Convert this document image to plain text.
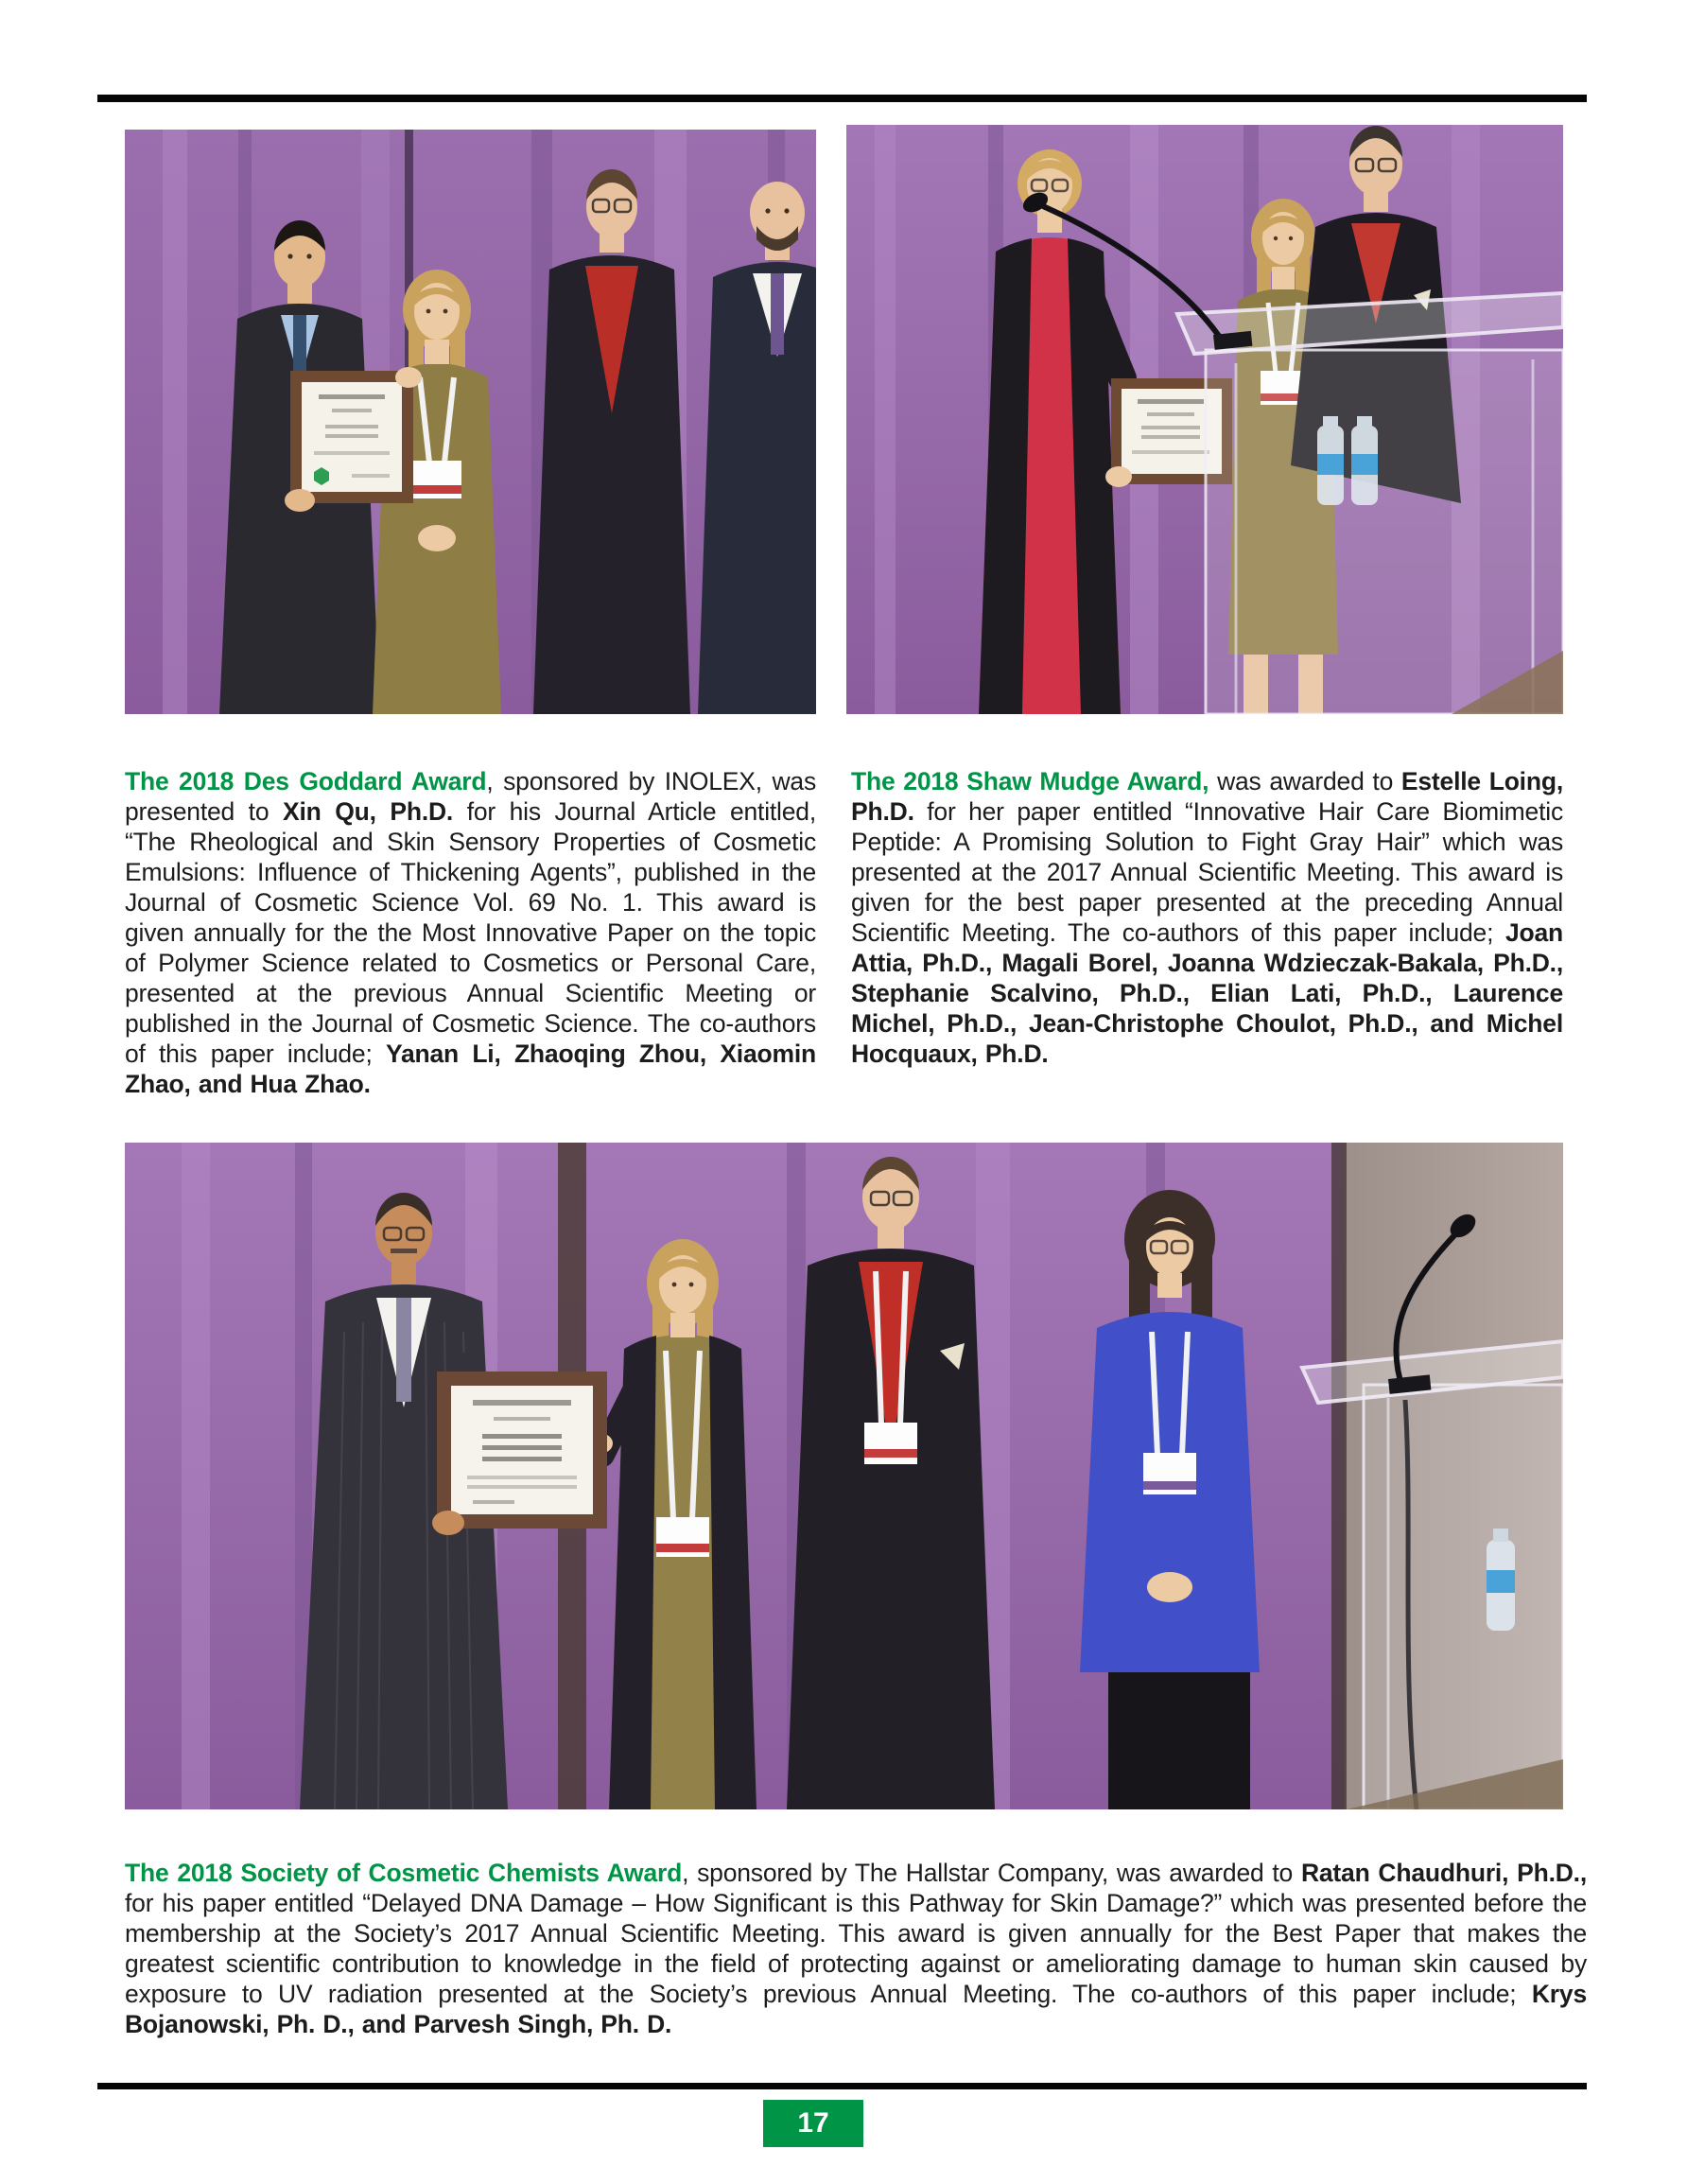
The 2018 Des Goddard Award, sponsored by INOLEX, was presented to Xin Qu, Ph.D. for his Journal Article entitled, “The Rheological and Skin Sensory Properties of Cosmetic Emulsions: Influence of Thickening Agents”, published in the Journal of Cosmetic Science Vol. 69 No. 1. This award is given annually for the the Most Innovative Paper on the topic of Polymer Science related to Cosmetics or Personal Care, presented at the previous Annual Scientific Meeting or published in the Journal of Cosmetic Science. The co-authors of this paper include; Yanan Li, Zhaoqing Zhou, Xiaomin Zhao, and Hua Zhao.

The 2018 Shaw Mudge Award, was awarded to Estelle Loing, Ph.D. for her paper entitled “Innovative Hair Care Biomimetic Peptide: A Promising Solution to Fight Gray Hair” which was presented at the 2017 Annual Scientific Meeting. This award is given for the best paper presented at the preceding Annual Scientific Meeting. The co-authors of this paper include; Joan Attia, Ph.D., Magali Borel, Joanna Wdzieczak-Bakala, Ph.D., Stephanie Scalvino, Ph.D., Elian Lati, Ph.D., Laurence Michel, Ph.D., Jean-Christophe Choulot, Ph.D., and Michel Hocquaux, Ph.D.

The 2018 Society of Cosmetic Chemists Award, sponsored by The Hallstar Company, was awarded to Ratan Chaudhuri, Ph.D., for his paper entitled “Delayed DNA Damage – How Significant is this Pathway for Skin Damage?” which was presented before the membership at the Society’s 2017 Annual Scientific Meeting. This award is given annually for the Best Paper that makes the greatest scientific contribution to knowledge in the field of protecting against or ameliorating damage to human skin caused by exposure to UV radiation presented at the Society’s previous Annual Meeting. The co-authors of this paper include; Krys Bojanowski, Ph. D., and Parvesh Singh, Ph. D.

17
